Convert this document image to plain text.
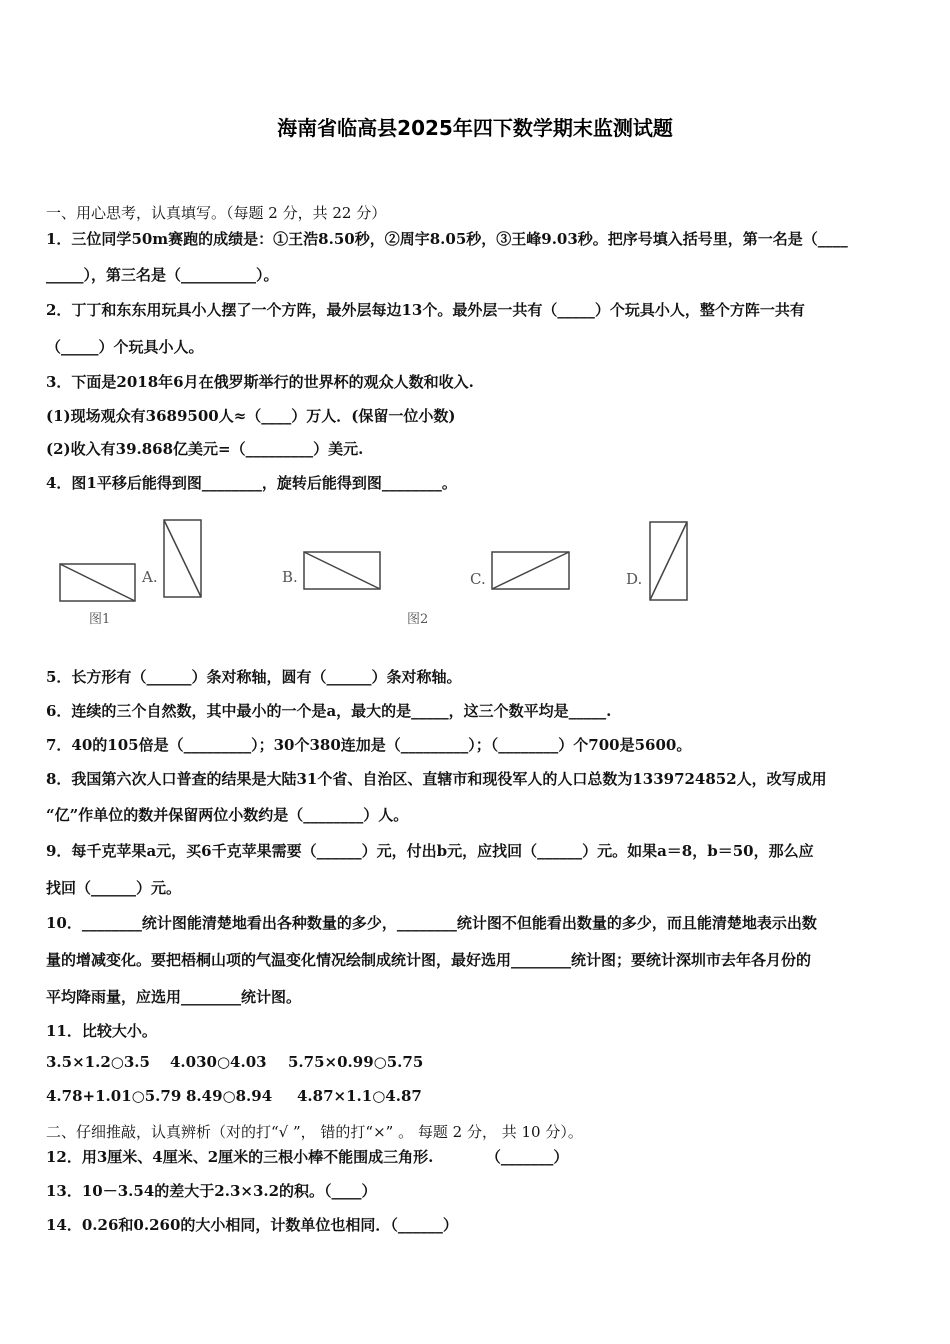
海南省临高县2025年四下数学期末监测试题
一、用心思考，认真填写。（每题 2 分，共 22 分）
1．三位同学50m赛跑的成绩是：①王浩8.50秒，②周宇8.05秒，③王峰9.03秒。把序号填入括号里，第一名是（____
_____），第三名是（__________）。
2．丁丁和东东用玩具小人摆了一个方阵，最外层每边13个。最外层一共有（_____）个玩具小人，整个方阵一共有
（_____）个玩具小人。
3．下面是2018年6月在俄罗斯举行的世界杯的观众人数和收入.
(1)现场观众有3689500人≈（____）万人．(保留一位小数)
(2)收入有39.868亿美元=（_________）美元.
4．图1平移后能得到图________，旋转后能得到图________。
A.	B.	C.	D.
图1	图2
5．长方形有（______）条对称轴，圆有（______）条对称轴。
6．连续的三个自然数，其中最小的一个是a，最大的是_____，这三个数平均是_____.
7．40的105倍是（_________）；30个380连加是（_________）；（________）个700是5600。
8．我国第六次人口普查的结果是大陆31个省、自治区、直辖市和现役军人的人口总数为1339724852人，改写成用
“亿”作单位的数并保留两位小数约是（________）人。
9．每千克苹果a元，买6千克苹果需要（______）元，付出b元，应找回（______）元。如果a＝8，b＝50，那么应
找回（______）元。
10．________统计图能清楚地看出各种数量的多少，________统计图不但能看出数量的多少，而且能清楚地表示出数
量的增减变化。要把梧桐山项的气温变化情况绘制成统计图，最好选用________统计图；要统计深圳市去年各月份的
平均降雨量，应选用________统计图。
11．比较大小。
3.5×1.2○3.5 4.030○4.03 5.75×0.99○5.75
4.78+1.01○5.79 8.49○8.94 4.87×1.1○4.87
二、仔细推敲，认真辨析（对的打“√ ”， 错的打“×” 。 每题 2 分， 共 10 分）。
12．用3厘米、4厘米、2厘米的三根小棒不能围成三角形.　　　　（_______）
13．10－3.54的差大于2.3×3.2的积。（____）
14．0.26和0.260的大小相同，计数单位也相同．（______）
